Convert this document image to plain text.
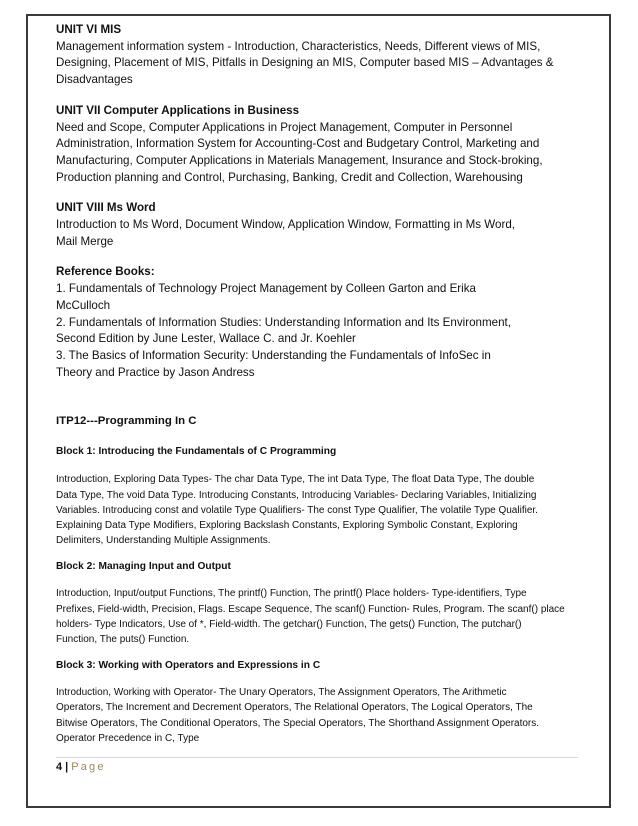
UNIT VI MIS
Management information system - Introduction, Characteristics, Needs, Different views of MIS,
Designing, Placement of MIS, Pitfalls in Designing an MIS, Computer based MIS – Advantages &
Disadvantages
UNIT VII Computer Applications in Business
Need and Scope, Computer Applications in Project Management, Computer in Personnel
Administration, Information System for Accounting-Cost and Budgetary Control, Marketing and
Manufacturing, Computer Applications in Materials Management, Insurance and Stock-broking,
Production planning and Control, Purchasing, Banking, Credit and Collection, Warehousing
UNIT VIII Ms Word
Introduction to Ms Word, Document Window, Application Window, Formatting in Ms Word,
Mail Merge
Reference Books:
1. Fundamentals of Technology Project Management by Colleen Garton and Erika
McCulloch
2. Fundamentals of Information Studies: Understanding Information and Its Environment,
Second Edition by June Lester, Wallace C. and Jr. Koehler
3. The Basics of Information Security: Understanding the Fundamentals of InfoSec in
Theory and Practice by Jason Andress
ITP12---Programming In C
Block 1: Introducing the Fundamentals of C Programming
Introduction, Exploring Data Types- The char Data Type, The int Data Type, The float Data Type, The double
Data Type, The void Data Type. Introducing Constants, Introducing Variables- Declaring Variables, Initializing
Variables. Introducing const and volatile Type Qualifiers- The const Type Qualifier, The volatile Type Qualifier.
Explaining Data Type Modifiers, Exploring Backslash Constants, Exploring Symbolic Constant, Exploring
Delimiters, Understanding Multiple Assignments.
Block 2: Managing Input and Output
Introduction, Input/output Functions, The printf() Function, The printf() Place holders- Type-identifiers, Type
Prefixes, Field-width, Precision, Flags. Escape Sequence, The scanf() Function- Rules, Program. The scanf() place
holders- Type Indicators, Use of *, Field-width. The getchar() Function, The gets() Function, The putchar()
Function, The puts() Function.
Block 3: Working with Operators and Expressions in C
Introduction, Working with Operator- The Unary Operators, The Assignment Operators, The Arithmetic
Operators, The Increment and Decrement Operators, The Relational Operators, The Logical Operators, The
Bitwise Operators, The Conditional Operators, The Special Operators, The Shorthand Assignment Operators.
Operator Precedence in C, Type
4 | Page
